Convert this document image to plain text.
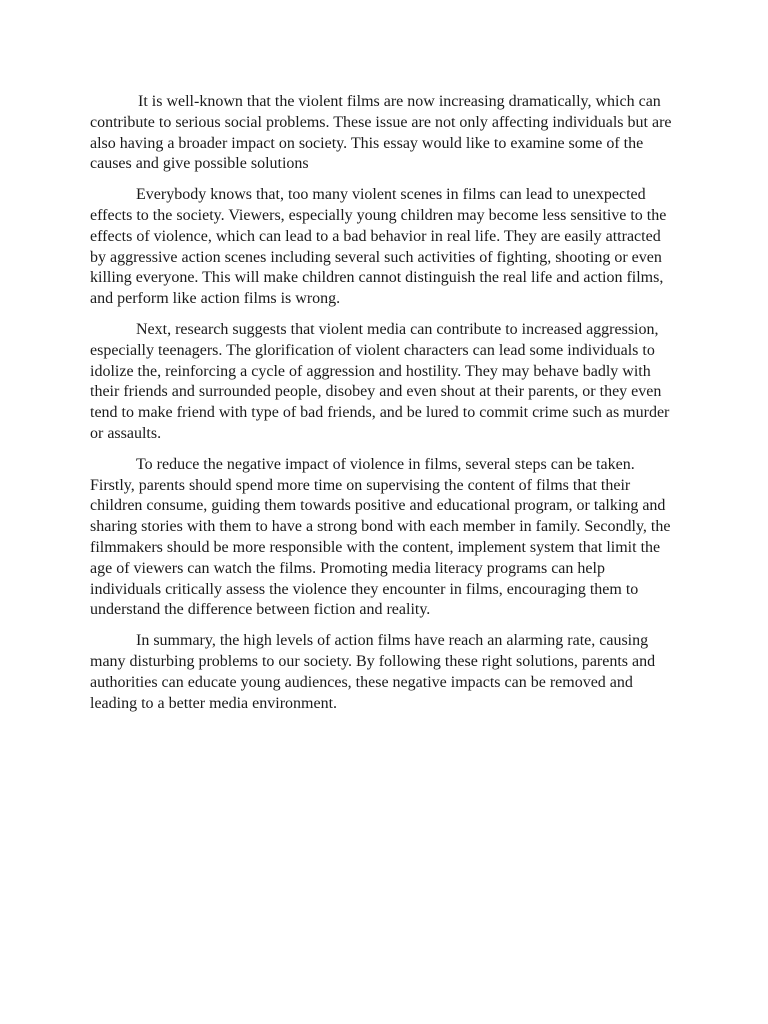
It is well-known that the violent films are now increasing dramatically, which can contribute to serious social problems. These issue are not only affecting individuals but are also having a broader impact on society. This essay would like to examine some of the causes and give possible solutions

Everybody knows that, too many violent scenes in films can lead to unexpected effects to the society. Viewers, especially young children may become less sensitive to the effects of violence, which can lead to a bad behavior in real life. They are easily attracted by aggressive action scenes including several such activities of fighting, shooting or even killing everyone. This will make children cannot distinguish the real life and action films, and perform like action films is wrong.

Next, research suggests that violent media can contribute to increased aggression, especially teenagers. The glorification of violent characters can lead some individuals to idolize the, reinforcing a cycle of aggression and hostility. They may behave badly with their friends and surrounded people, disobey and even shout at their parents, or they even tend to make friend with type of bad friends, and be lured to commit crime such as murder or assaults.

To reduce the negative impact of violence in films, several steps can be taken. Firstly, parents should spend more time on supervising the content of films that their children consume, guiding them towards positive and educational program, or talking and sharing stories with them to have a strong bond with each member in family. Secondly, the filmmakers should be more responsible with the content, implement system that limit the age of viewers can watch the films. Promoting media literacy programs can help individuals critically assess the violence they encounter in films, encouraging them to understand the difference between fiction and reality.

In summary, the high levels of action films have reach an alarming rate, causing many disturbing problems to our society. By following these right solutions, parents and authorities can educate young audiences, these negative impacts can be removed and leading to a better media environment.
